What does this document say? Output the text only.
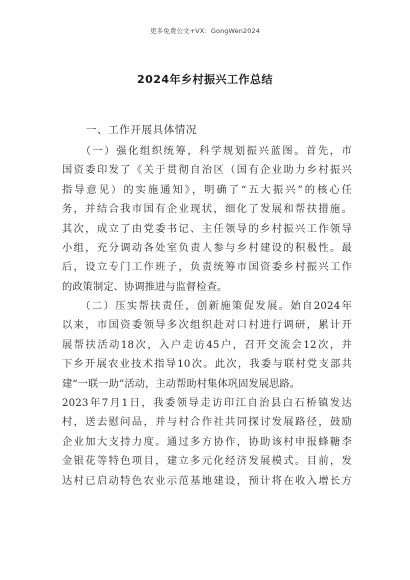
更多免费公文+VX：GongWen2024
2024年乡村振兴工作总结
一、工作开展具体情况
　　（一）强化组织统筹，科学规划振兴蓝图。首先，市
国资委印发了《关于贯彻自治区（国有企业助力乡村振兴
指导意见）的实施通知》，明确了“五大振兴”的核心任
务，并结合我市国有企业现状，细化了发展和帮扶措施。
其次，成立了由党委书记、主任领导的乡村振兴工作领导
小组，充分调动各处室负责人参与乡村建设的积极性。最
后，设立专门工作班子，负责统筹市国资委乡村振兴工作
的政策制定、协调推进与监督检查。
　　（二）压实帮扶责任，创新施策促发展。始自2024年
以来，市国资委领导多次组织赴对口村进行调研，累计开
展帮扶活动18次，入户走访45户，召开交流会12次，并
下乡开展农业技术指导10次。此次，我委与联村党支部共
建“一联一助”活动，主动帮助村集体巩固发展思路。
2023年7月1日，我委领导走访印江自治县白石桥镇发达
村，送去慰问品，并与村合作社共同探讨发展路径，鼓励
企业加大支持力度。通过多方协作，协助该村申报蜂糖李
金银花等特色项目，建立多元化经济发展模式。目前，发
达村已启动特色农业示范基地建设，预计将在收入增长方
